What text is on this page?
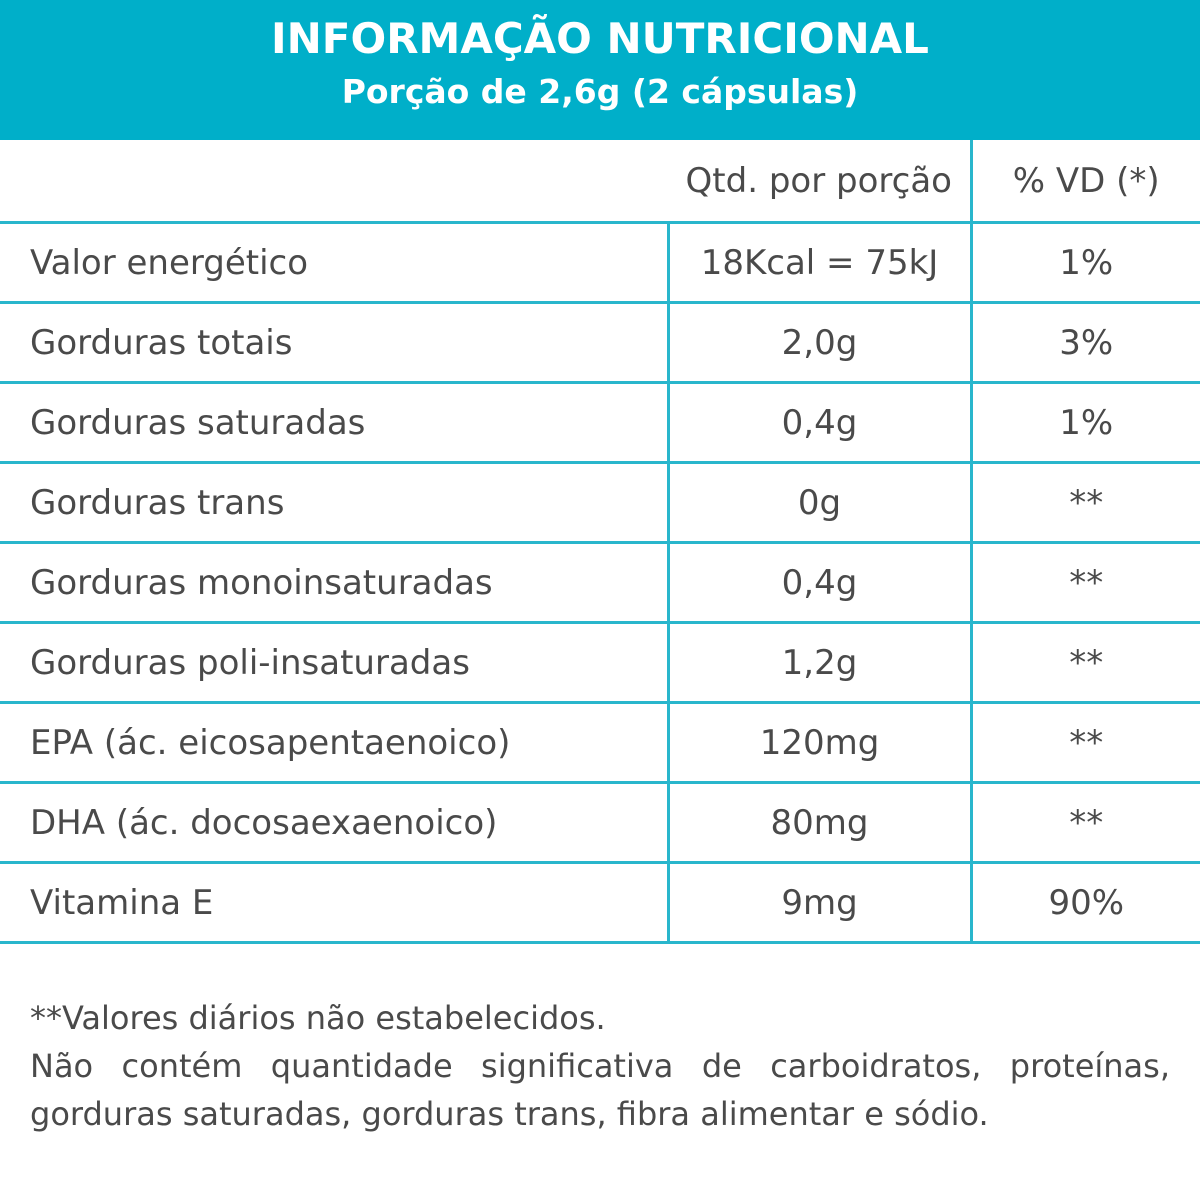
INFORMAÇÃO NUTRICIONAL
Porção de 2,6g (2 cápsulas)
	Qtd. por porção	% VD (*)
Valor energético	18Kcal = 75kJ	1%
Gorduras totais	2,0g	3%
Gorduras saturadas	0,4g	1%
Gorduras trans	0g	**
Gorduras monoinsaturadas	0,4g	**
Gorduras poli-insaturadas	1,2g	**
EPA (ác. eicosapentaenoico)	120mg	**
DHA (ác. docosaexaenoico)	80mg	**
Vitamina E	9mg	90%

**Valores diários não estabelecidos.

Não contém quantidade significativa de carboidratos, proteínas, gorduras saturadas, gorduras trans, fibra alimentar e sódio.
